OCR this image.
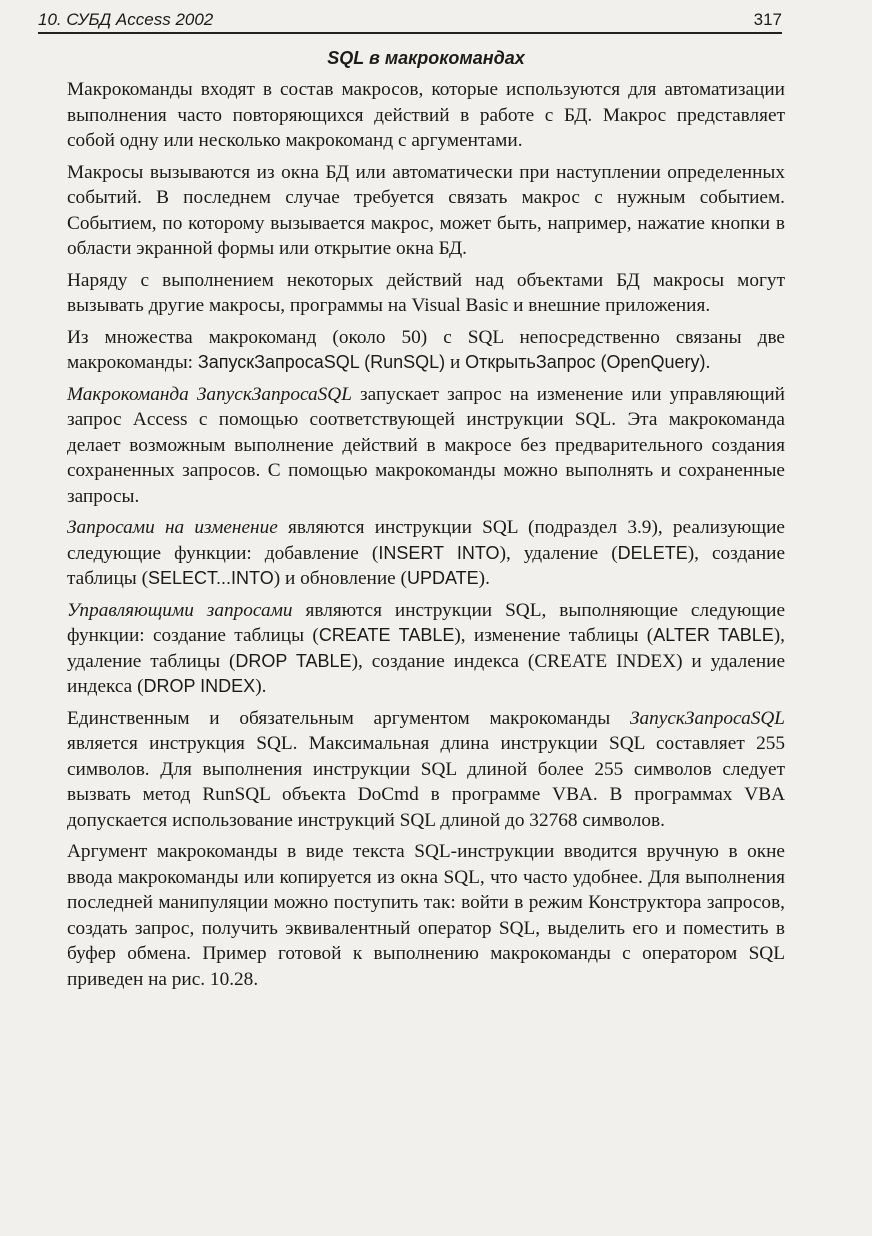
10. СУБД Access 2002	317
SQL в макрокомандах

Макрокоманды входят в состав макросов, которые используются для автоматизации выполнения часто повторяющихся действий в работе с БД. Макрос представляет собой одну или несколько макрокоманд с аргументами.

Макросы вызываются из окна БД или автоматически при наступлении определенных событий. В последнем случае требуется связать макрос с нужным событием. Событием, по которому вызывается макрос, может быть, например, нажатие кнопки в области экранной формы или открытие окна БД.

Наряду с выполнением некоторых действий над объектами БД макросы могут вызывать другие макросы, программы на Visual Basic и внешние приложения.

Из множества макрокоманд (около 50) с SQL непосредственно связаны две макрокоманды: ЗапускЗапросаSQL (RunSQL) и ОткрытьЗапрос (OpenQuery).

Макрокоманда ЗапускЗапросаSQL запускает запрос на изменение или управляющий запрос Access с помощью соответствующей инструкции SQL. Эта макрокоманда делает возможным выполнение действий в макросе без предварительного создания сохраненных запросов. С помощью макрокоманды можно выполнять и сохраненные запросы.

Запросами на изменение являются инструкции SQL (подраздел 3.9), реализующие следующие функции: добавление (INSERT INTO), удаление (DELETE), создание таблицы (SELECT...INTO) и обновление (UPDATE).

Управляющими запросами являются инструкции SQL, выполняющие следующие функции: создание таблицы (CREATE TABLE), изменение таблицы (ALTER TABLE), удаление таблицы (DROP TABLE), создание индекса (CREATE INDEX) и удаление индекса (DROP INDEX).

Единственным и обязательным аргументом макрокоманды ЗапускЗапросаSQL является инструкция SQL. Максимальная длина инструкции SQL составляет 255 символов. Для выполнения инструкции SQL длиной более 255 символов следует вызвать метод RunSQL объекта DoCmd в программе VBA. В программах VBA допускается использование инструкций SQL длиной до 32768 символов.

Аргумент макрокоманды в виде текста SQL-инструкции вводится вручную в окне ввода макрокоманды или копируется из окна SQL, что часто удобнее. Для выполнения последней манипуляции можно поступить так: войти в режим Конструктора запросов, создать запрос, получить эквивалентный оператор SQL, выделить его и поместить в буфер обмена. Пример готовой к выполнению макрокоманды с оператором SQL приведен на рис. 10.28.
